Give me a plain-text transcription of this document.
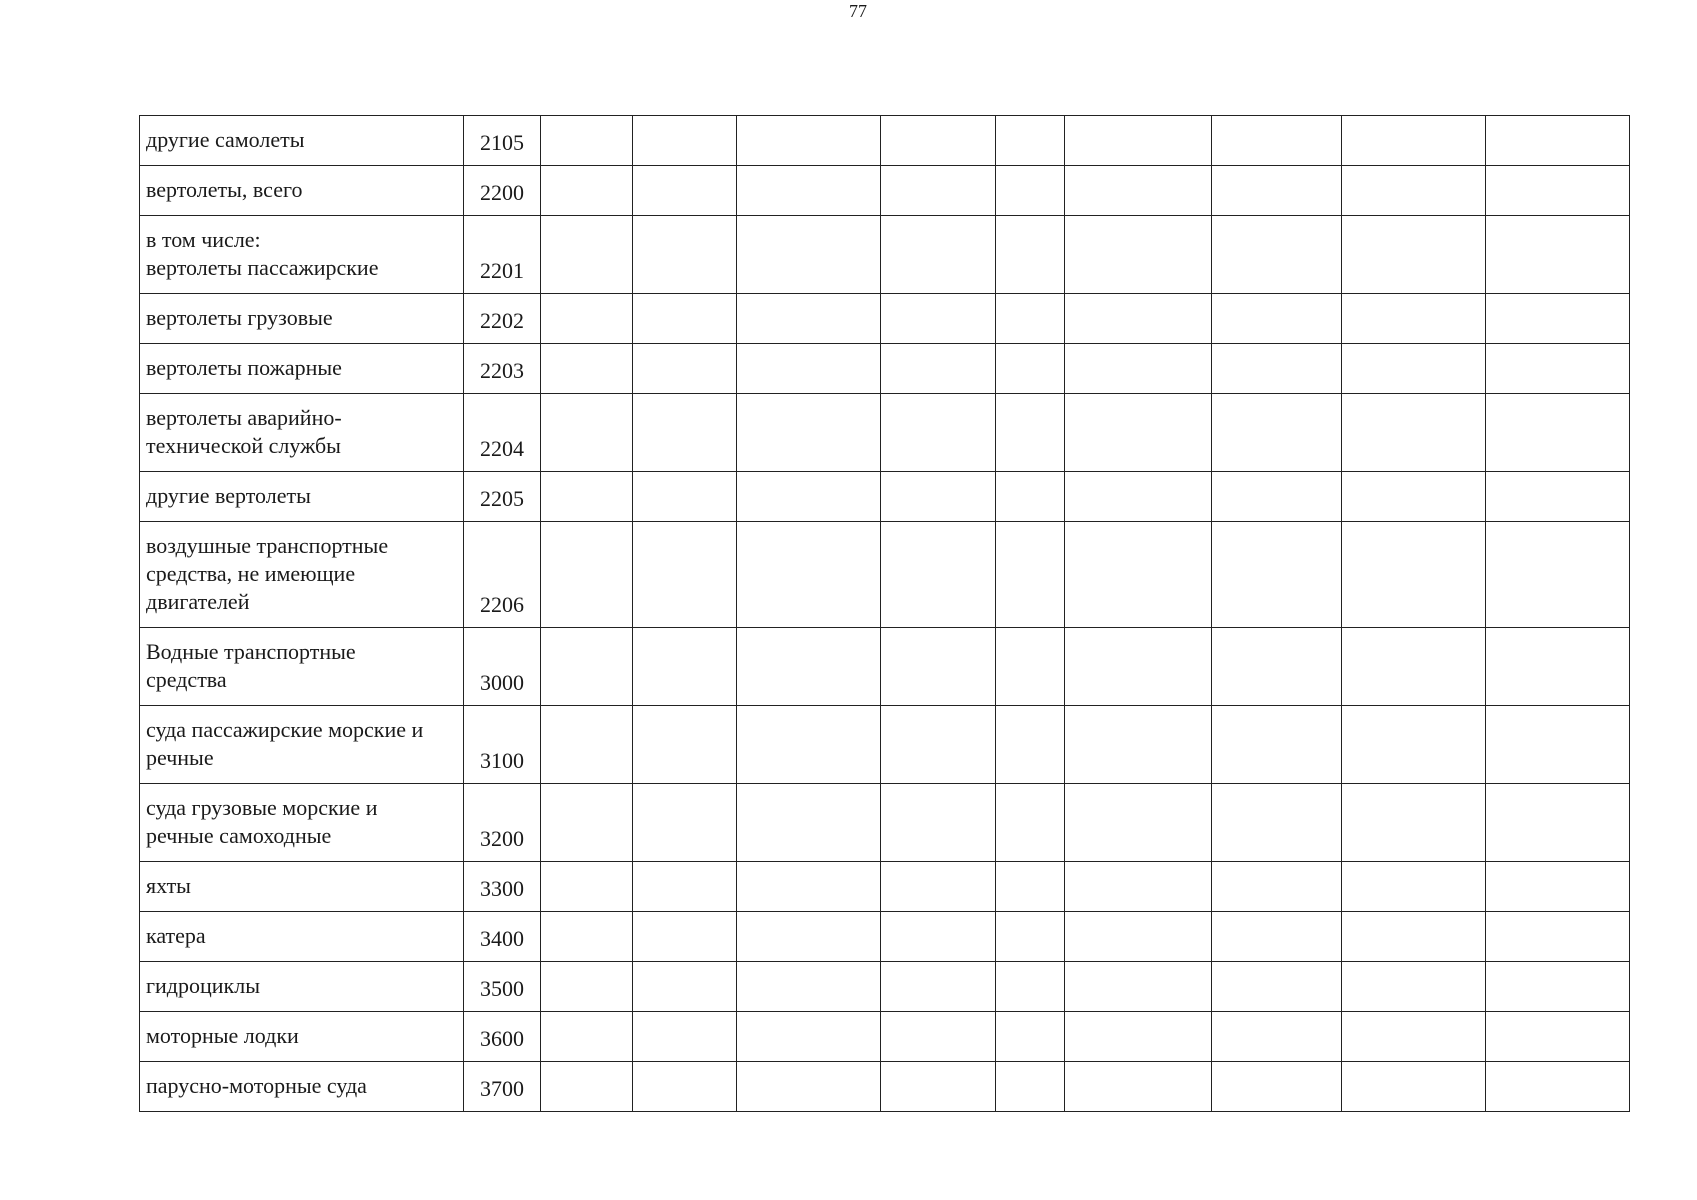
77
другие самолеты	2105									

вертолеты, всего	2200									

в том числе:
вертолеты пассажирские	2201									

вертолеты грузовые	2202									

вертолеты пожарные	2203									

вертолеты аварийно-
технической службы	2204									

другие вертолеты	2205									

воздушные транспортные
средства, не имеющие
двигателей	2206									

Водные транспортные
средства	3000									

суда пассажирские морские и
речные	3100									

суда грузовые морские и
речные самоходные	3200									

яхты	3300									

катера	3400									

гидроциклы	3500									

моторные лодки	3600									

парусно-моторные суда	3700									
